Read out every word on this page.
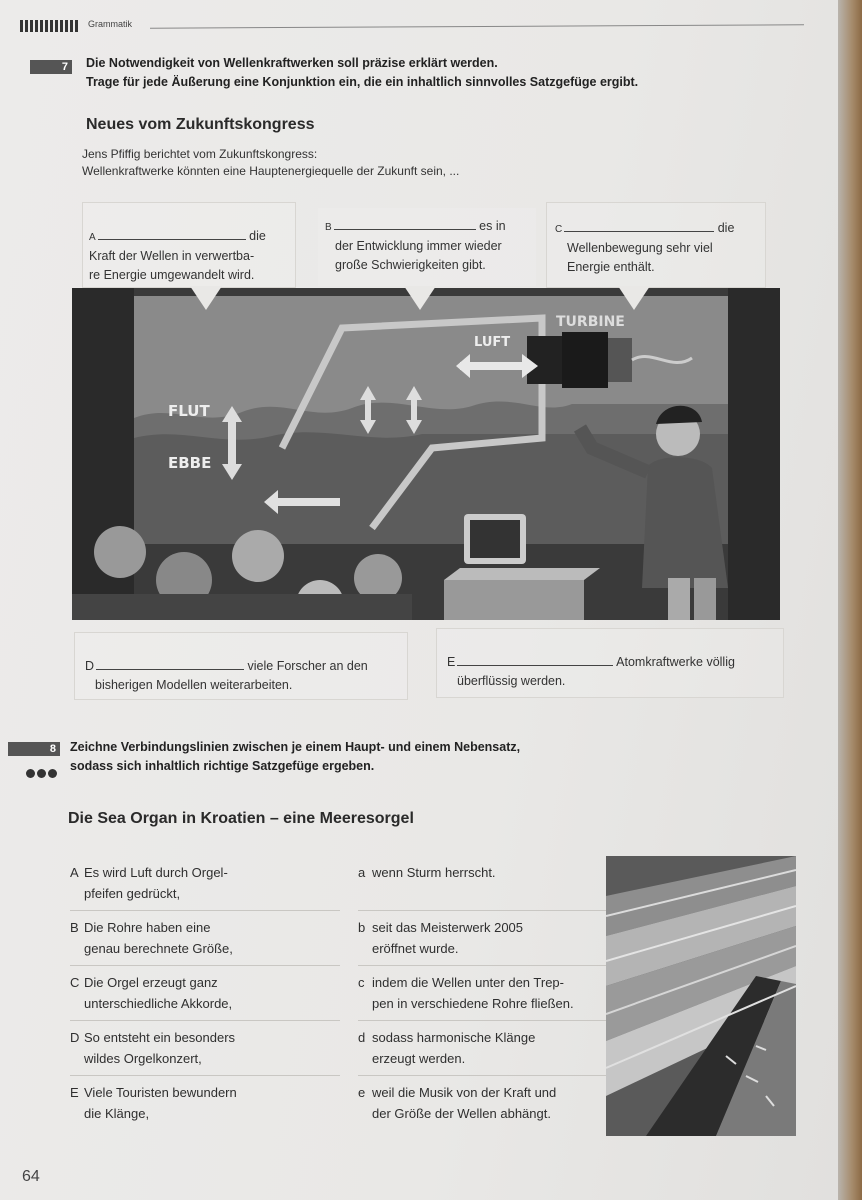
Grammatik
7	Die Notwendigkeit von Wellenkraftwerken soll präzise erklärt werden.
Trage für jede Äußerung eine Konjunktion ein, die ein inhaltlich sinnvolles Satzgefüge ergibt.
Neues vom Zukunftskongress
Jens Pfiffig berichtet vom Zukunftskongress:
Wellenkraftwerke könnten eine Hauptenergiequelle der Zukunft sein, ...
A	die
Kraft der Wellen in verwertba-
re Energie umgewandelt wird.
B	es in
der Entwicklung immer wieder
große Schwierigkeiten gibt.
C	die
Wellenbewegung sehr viel
Energie enthält.
FLUT
EBBE
LUFT
TURBINE
D	viele Forscher an den
bisherigen Modellen weiterarbeiten.
E	Atomkraftwerke völlig
überflüssig werden.
8	Zeichne Verbindungslinien zwischen je einem Haupt- und einem Nebensatz,
sodass sich inhaltlich richtige Satzgefüge ergeben.
Die Sea Organ in Kroatien – eine Meeresorgel
A Es wird Luft durch Orgel-
pfeifen gedrückt,
B Die Rohre haben eine
genau berechnete Größe,
C Die Orgel erzeugt ganz
unterschiedliche Akkorde,
D So entsteht ein besonders
wildes Orgelkonzert,
E Viele Touristen bewundern
die Klänge,
a wenn Sturm herrscht.
b seit das Meisterwerk 2005
eröffnet wurde.
c indem die Wellen unter den Trep-
pen in verschiedene Rohre fließen.
d sodass harmonische Klänge
erzeugt werden.
e weil die Musik von der Kraft und
der Größe der Wellen abhängt.
64
